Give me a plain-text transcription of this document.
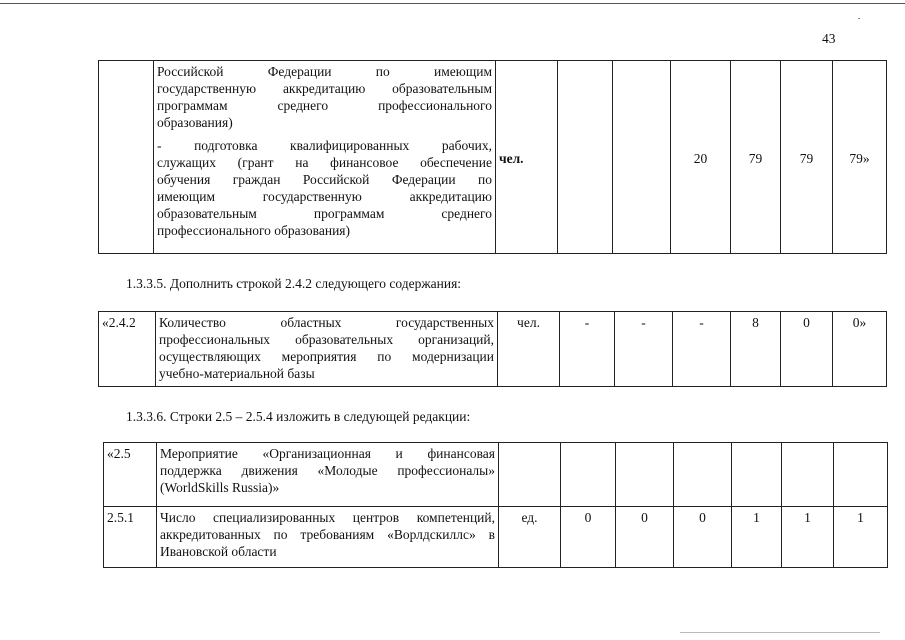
43

Российской Федерации по имеющим
государственную аккредитацию образовательным
программам среднего профессионального
образования)
- подготовка квалифицированных рабочих,
служащих (грант на финансовое обеспечение
обучения граждан Российской Федерации по
имеющим государственную аккредитацию
образовательным программам среднего
профессионального образования)
	чел.			20	79	79	79»
1.3.3.5. Дополнить строкой 2.4.2 следующего содержания:
«2.4.2	Количество областных государственных
профессиональных образовательных организаций,
осуществляющих мероприятия по модернизации
учебно-материальной базы
	чел.	-	-	-	8	0	0»
1.3.3.6. Строки 2.5 – 2.5.4 изложить в следующей редакции:
«2.5	Мероприятие «Организационная и финансовая
поддержка движения «Молодые профессионалы»
(WorldSkills Russia)»							

2.5.1	Число специализированных центров компетенций,
аккредитованных по требованиям «Ворлдскиллс» в
Ивановской области	ед.	0	0	0	1	1	1
